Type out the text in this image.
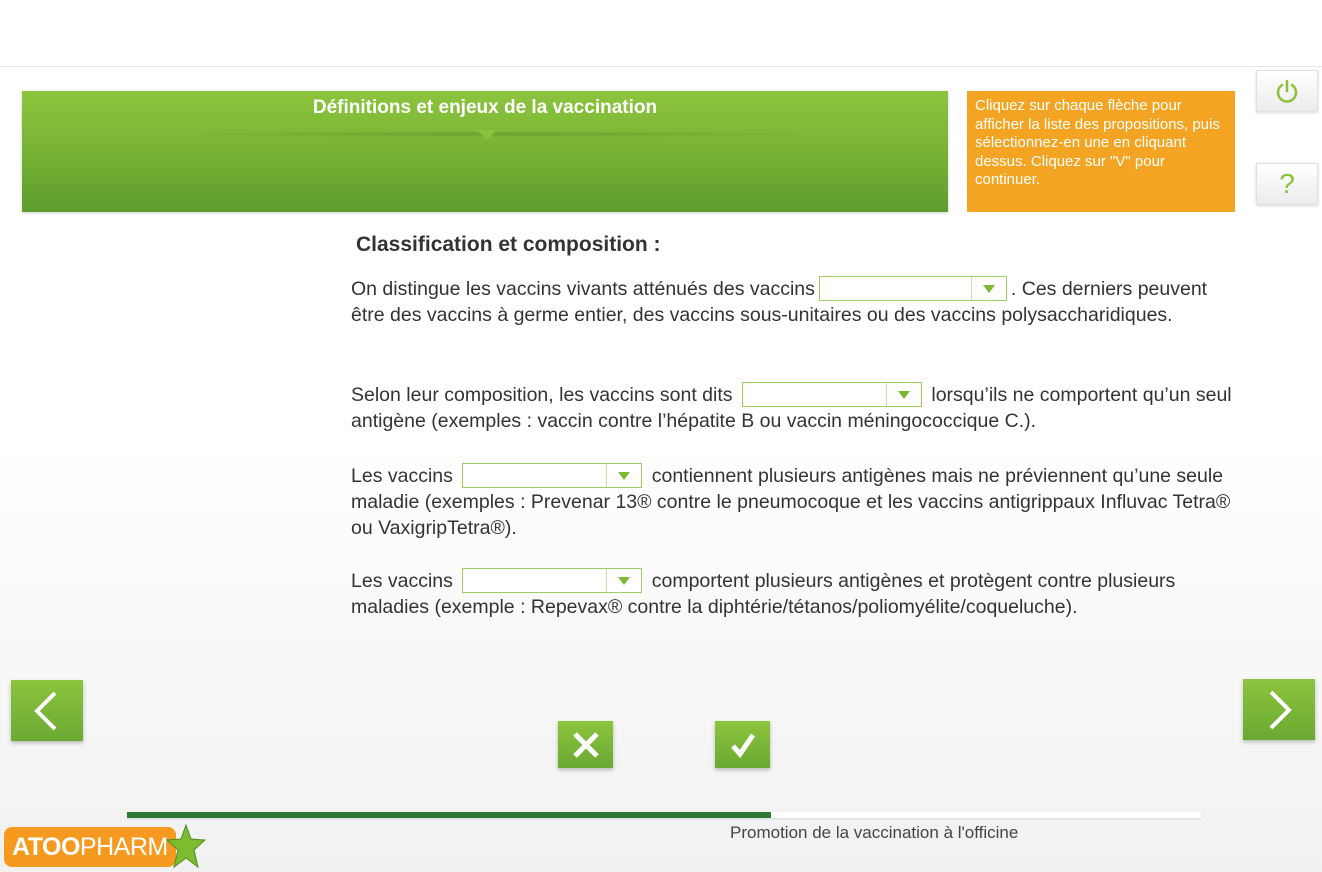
Définitions et enjeux de la vaccination	Cliquez sur chaque flèche pour afficher la liste des propositions, puis sélectionnez-en une en cliquant dessus. Cliquez sur "V" pour continuer.	?
Classification et composition :
On distingue les vaccins vivants atténués des vaccins	. Ces derniers peuvent être des vaccins à germe entier, des vaccins sous-unitaires ou des vaccins polysaccharidiques.
Selon leur composition, les vaccins sont dits	lorsqu’ils ne comportent qu’un seul antigène (exemples : vaccin contre l’hépatite B ou vaccin méningococcique C.).
Les vaccins	contiennent plusieurs antigènes mais ne préviennent qu’une seule maladie (exemples : Prevenar 13® contre le pneumocoque et les vaccins antigrippaux Influvac Tetra® ou VaxigripTetra®).
Les vaccins	comportent plusieurs antigènes et protègent contre plusieurs maladies (exemple : Repevax® contre la diphtérie/tétanos/poliomyélite/coqueluche).
Promotion de la vaccination à l'officine
ATOO PHARM
